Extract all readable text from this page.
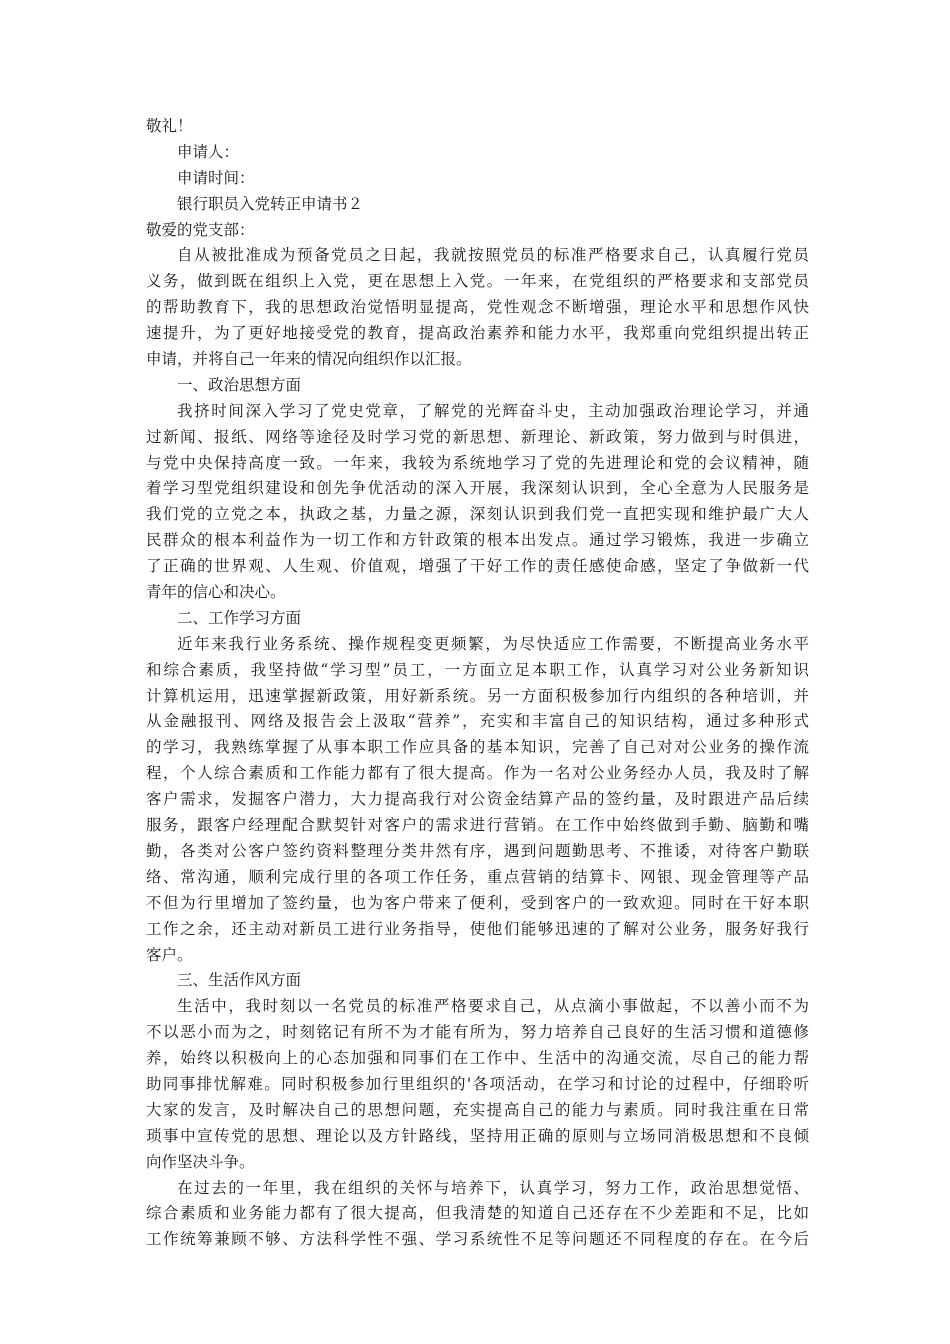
敬礼！
申请人：
申请时间：
银行职员入党转正申请书２
敬爱的党支部：
自从被批准成为预备党员之日起，我就按照党员的标准严格要求自己，认真履行党员
义务，做到既在组织上入党，更在思想上入党。一年来，在党组织的严格要求和支部党员
的帮助教育下，我的思想政治觉悟明显提高，党性观念不断增强，理论水平和思想作风快
速提升，为了更好地接受党的教育，提高政治素养和能力水平，我郑重向党组织提出转正
申请，并将自己一年来的情况向组织作以汇报。
一、政治思想方面
我挤时间深入学习了党史党章，了解党的光辉奋斗史，主动加强政治理论学习，并通
过新闻、报纸、网络等途径及时学习党的新思想、新理论、新政策，努力做到与时俱进，
与党中央保持高度一致。一年来，我较为系统地学习了党的先进理论和党的会议精神，随
着学习型党组织建设和创先争优活动的深入开展，我深刻认识到，全心全意为人民服务是
我们党的立党之本，执政之基，力量之源，深刻认识到我们党一直把实现和维护最广大人
民群众的根本利益作为一切工作和方针政策的根本出发点。通过学习锻炼，我进一步确立
了正确的世界观、人生观、价值观，增强了干好工作的责任感使命感，坚定了争做新一代
青年的信心和决心。
二、工作学习方面
近年来我行业务系统、操作规程变更频繁，为尽快适应工作需要，不断提高业务水平
和综合素质，我坚持做“学习型”员工，一方面立足本职工作，认真学习对公业务新知识
计算机运用，迅速掌握新政策，用好新系统。另一方面积极参加行内组织的各种培训，并
从金融报刊、网络及报告会上汲取“营养”，充实和丰富自己的知识结构，通过多种形式
的学习，我熟练掌握了从事本职工作应具备的基本知识，完善了自己对对公业务的操作流
程，个人综合素质和工作能力都有了很大提高。作为一名对公业务经办人员，我及时了解
客户需求，发掘客户潜力，大力提高我行对公资金结算产品的签约量，及时跟进产品后续
服务，跟客户经理配合默契针对客户的需求进行营销。在工作中始终做到手勤、脑勤和嘴
勤，各类对公客户签约资料整理分类井然有序，遇到问题勤思考、不推诿，对待客户勤联
络、常沟通，顺利完成行里的各项工作任务，重点营销的结算卡、网银、现金管理等产品
不但为行里增加了签约量，也为客户带来了便利，受到客户的一致欢迎。同时在干好本职
工作之余，还主动对新员工进行业务指导，使他们能够迅速的了解对公业务，服务好我行
客户。
三、生活作风方面
生活中，我时刻以一名党员的标准严格要求自己，从点滴小事做起，不以善小而不为
不以恶小而为之，时刻铭记有所不为才能有所为，努力培养自己良好的生活习惯和道德修
养，始终以积极向上的心态加强和同事们在工作中、生活中的沟通交流，尽自己的能力帮
助同事排忧解难。同时积极参加行里组织的'各项活动，在学习和讨论的过程中，仔细聆听
大家的发言，及时解决自己的思想问题，充实提高自己的能力与素质。同时我注重在日常
琐事中宣传党的思想、理论以及方针路线，坚持用正确的原则与立场同消极思想和不良倾
向作坚决斗争。
在过去的一年里，我在组织的关怀与培养下，认真学习，努力工作，政治思想觉悟、
综合素质和业务能力都有了很大提高，但我清楚的知道自己还存在不少差距和不足，比如
工作统筹兼顾不够、方法科学性不强、学习系统性不足等问题还不同程度的存在。在今后
